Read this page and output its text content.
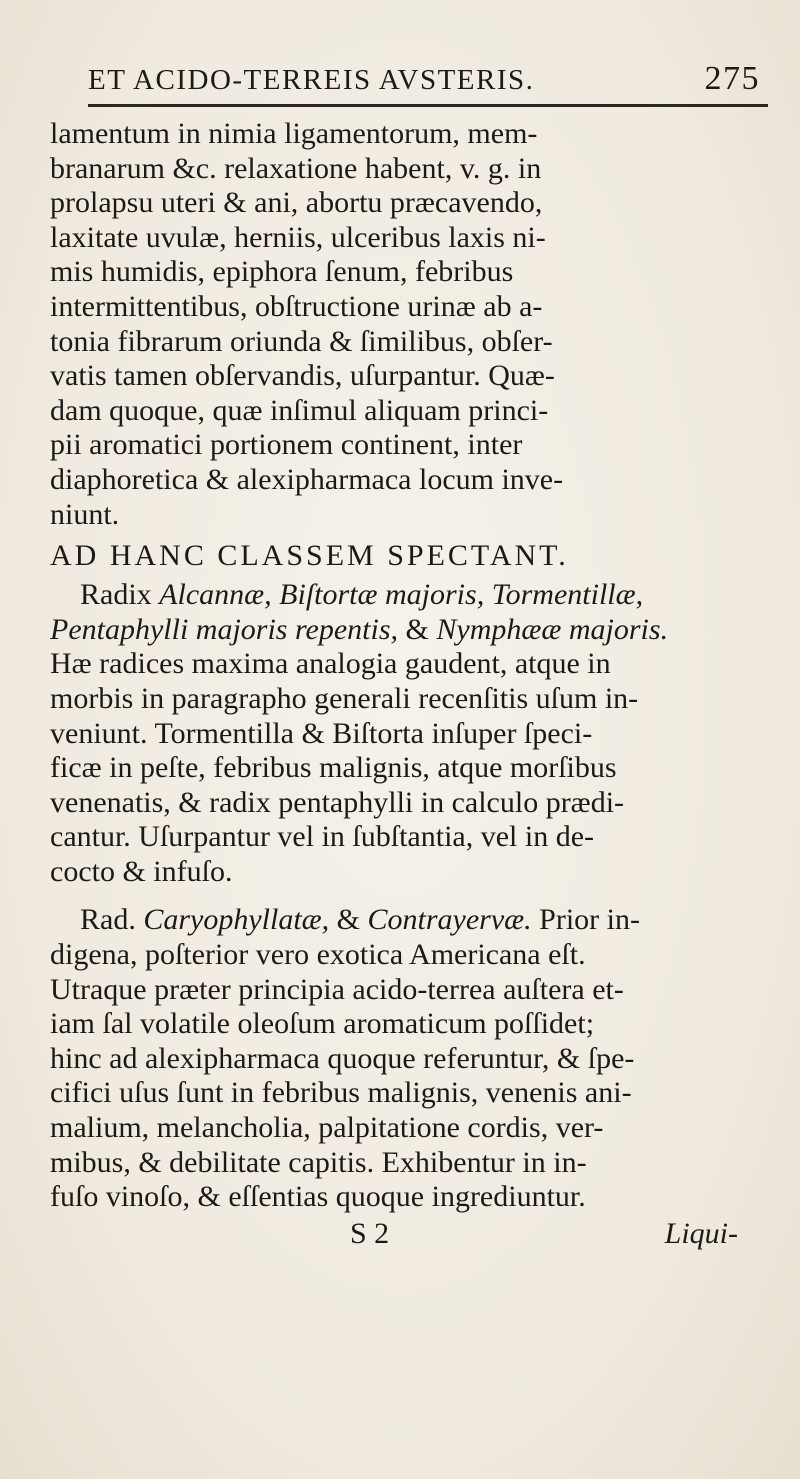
ET ACIDO-TERREIS AVSTERIS.	275
lamentum in nimia ligamentorum, mem-
branarum &c. relaxatione habent, v. g. in
prolapsu uteri & ani, abortu prӕcavendo,
laxitate uvulӕ, herniis, ulceribus laxis ni-
mis humidis, epiphora ſenum, febribus
intermittentibus, obſtructione urinӕ ab a-
tonia fibrarum oriunda & ſimilibus, obſer-
vatis tamen obſervandis, uſurpantur. Quӕ-
dam quoque, quӕ inſimul aliquam princi-
pii aromatici portionem continent, inter
diaphoretica & alexipharmaca locum inve-
niunt.
AD HANC CLASSEM SPECTANT.
Radix Alcannӕ, Biſtortӕ majoris, Tormentillӕ,
Pentaphylli majoris repentis, & Nymphӕӕ majoris.
Hӕ radices maxima analogia gaudent, atque in
morbis in paragrapho generali recenſitis uſum in-
veniunt. Tormentilla & Biſtorta inſuper ſpeci-
ficӕ in peſte, febribus malignis, atque morſibus
venenatis, & radix pentaphylli in calculo prӕdi-
cantur. Uſurpantur vel in ſubſtantia, vel in de-
cocto & infuſo.
Rad. Caryophyllatӕ, & Contrayervӕ. Prior in-
digena, poſterior vero exotica Americana eſt.
Utraque prӕter principia acido-terrea auſtera et-
iam ſal volatile oleoſum aromaticum poſſidet;
hinc ad alexipharmaca quoque referuntur, & ſpe-
cifici uſus ſunt in febribus malignis, venenis ani-
malium, melancholia, palpitatione cordis, ver-
mibus, & debilitate capitis. Exhibentur in in-
fuſo vinoſo, & eſſentias quoque ingrediuntur.
S 2	Liqui-
